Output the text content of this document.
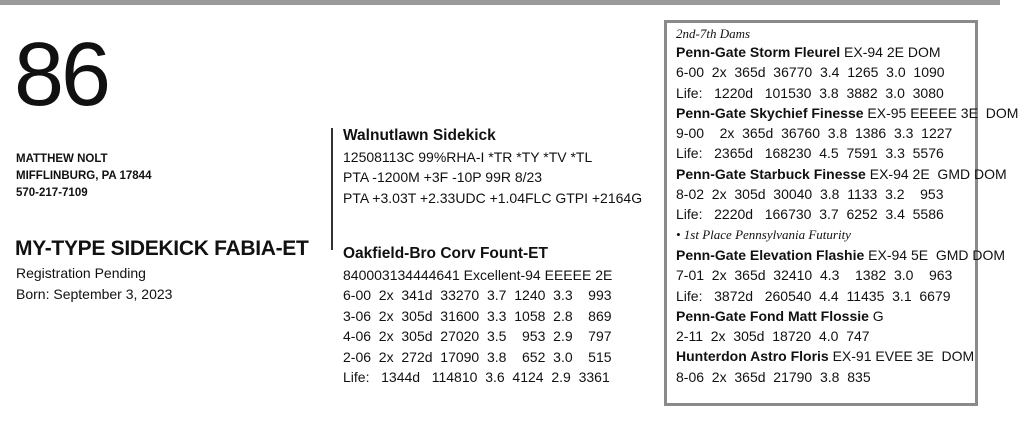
86
MATTHEW NOLT
MIFFLINBURG, PA 17844
570-217-7109
MY-TYPE SIDEKICK FABIA-ET
Registration Pending
Born: September 3, 2023
Walnutlawn Sidekick
12508113C 99%RHA-I *TR *TY *TV *TL
PTA -1200M +3F -10P 99R 8/23
PTA +3.03T +2.33UDC +1.04FLC GTPI +2164G
Oakfield-Bro Corv Fount-ET
840003134444641 Excellent-94 EEEEE 2E
6-00  2x  341d  33270  3.7  1240  3.3    993
3-06  2x  305d  31600  3.3  1058  2.8    869
4-06  2x  305d  27020  3.5    953  2.9    797
2-06  2x  272d  17090  3.8    652  3.0    515
Life:   1344d   114810  3.6  4124  2.9  3361
2nd-7th Dams
Penn-Gate Storm Fleurel EX-94 2E DOM
6-00  2x  365d  36770  3.4  1265  3.0  1090
Life:   1220d   101530  3.8  3882  3.0  3080
Penn-Gate Skychief Finesse EX-95 EEEEE 3E  DOM
9-00    2x  365d  36760  3.8  1386  3.3  1227
Life:   2365d   168230  4.5  7591  3.3  5576
Penn-Gate Starbuck Finesse EX-94 2E  GMD DOM
8-02  2x  305d  30040  3.8  1133  3.2    953
Life:   2220d   166730  3.7  6252  3.4  5586
• 1st Place Pennsylvania Futurity
Penn-Gate Elevation Flashie EX-94 5E  GMD DOM
7-01  2x  365d  32410  4.3    1382  3.0    963
Life:   3872d   260540  4.4  11435  3.1  6679
Penn-Gate Fond Matt Flossie G
2-11  2x  305d  18720  4.0  747
Hunterdon Astro Floris EX-91 EVEE 3E  DOM
8-06  2x  365d  21790  3.8  835
